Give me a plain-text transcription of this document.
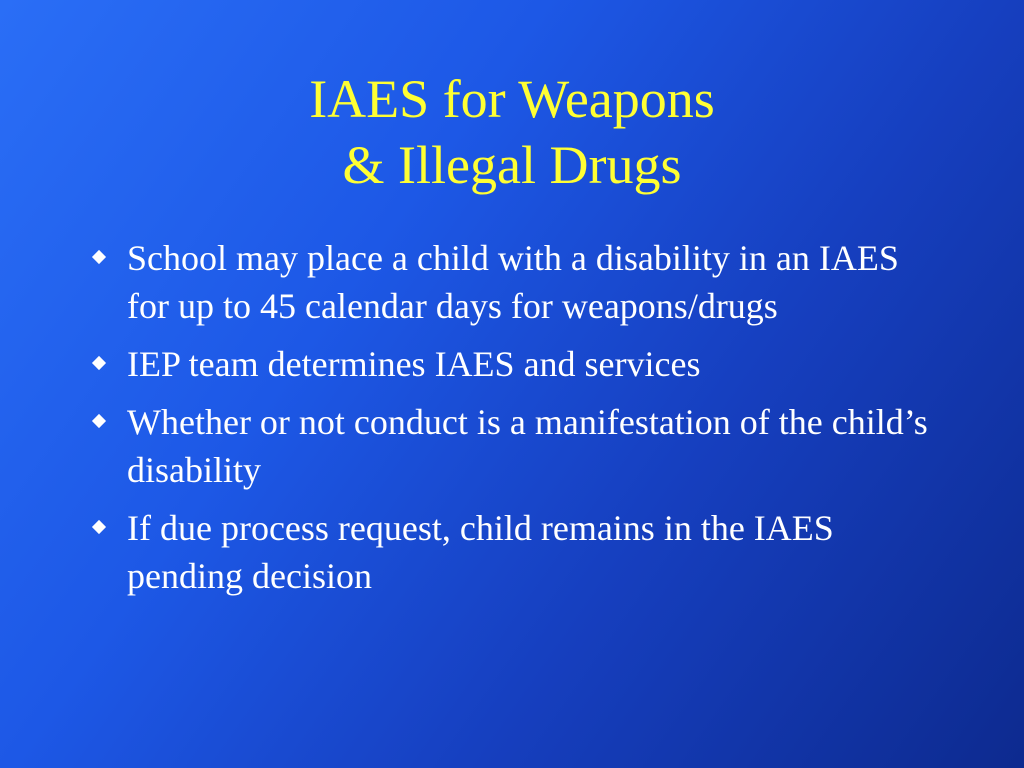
IAES for Weapons
& Illegal Drugs
School may place a child with a disability in an IAES for up to 45 calendar days for weapons/drugs
IEP team determines IAES and services
Whether or not conduct is a manifestation of the child’s disability
If due process request, child remains in the IAES pending decision
